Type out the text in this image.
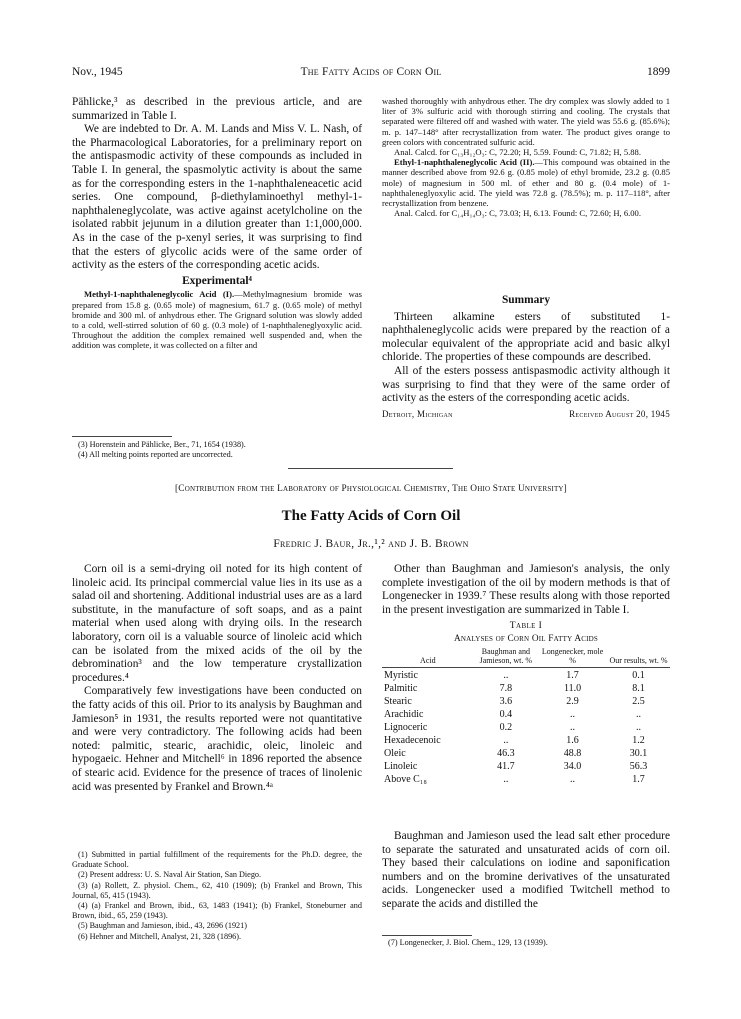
Nov., 1945	The Fatty Acids of Corn Oil	1899

Pählicke,³ as described in the previous article, and are summarized in Table I.

We are indebted to Dr. A. M. Lands and Miss V. L. Nash, of the Pharmacological Laboratories, for a preliminary report on the antispasmodic activity of these compounds as included in Table I. In general, the spasmolytic activity is about the same as for the corresponding esters in the 1-naphthaleneacetic acid series. One compound, β-diethylaminoethyl methyl-1-naphthaleneglycolate, was active against acetylcholine on the isolated rabbit jejunum in a dilution greater than 1:1,000,000. As in the case of the p-xenyl series, it was surprising to find that the esters of glycolic acids were of the same order of activity as the esters of the corresponding acetic acids.

Experimental⁴

Methyl-1-naphthaleneglycolic Acid (I).—Methylmagnesium bromide was prepared from 15.8 g. (0.65 mole) of magnesium, 61.7 g. (0.65 mole) of methyl bromide and 300 ml. of anhydrous ether. The Grignard solution was slowly added to a cold, well-stirred solution of 60 g. (0.3 mole) of 1-naphthaleneglyoxylic acid. Throughout the addition the complex remained well suspended and, when the addition was complete, it was collected on a filter and

(3) Horenstein and Pählicke, Ber., 71, 1654 (1938).

(4) All melting points reported are uncorrected.

washed thoroughly with anhydrous ether. The dry complex was slowly added to 1 liter of 3% sulfuric acid with thorough stirring and cooling. The crystals that separated were filtered off and washed with water. The yield was 55.6 g. (85.6%); m. p. 147–148° after recrystallization from water. The product gives orange to green colors with concentrated sulfuric acid.

Anal. Calcd. for C₁₃H₁₂O₃: C, 72.20; H, 5.59. Found: C, 71.82; H, 5.88.

Ethyl-1-naphthaleneglycolic Acid (II).—This compound was obtained in the manner described above from 92.6 g. (0.85 mole) of ethyl bromide, 23.2 g. (0.85 mole) of magnesium in 500 ml. of ether and 80 g. (0.4 mole) of 1-naphthaleneglyoxylic acid. The yield was 72.8 g. (78.5%); m. p. 117–118°, after recrystallization from benzene.

Anal. Calcd. for C₁₄H₁₄O₃: C, 73.03; H, 6.13. Found: C, 72.60; H, 6.00.

Summary

Thirteen alkamine esters of substituted 1-naphthaleneglycolic acids were prepared by the reaction of a molecular equivalent of the appropriate acid and basic alkyl chloride. The properties of these compounds are described.

All of the esters possess antispasmodic activity although it was surprising to find that they were of the same order of activity as the esters of the corresponding acetic acids.

Detroit, Michigan	Received August 20, 1945
[Contribution from the Laboratory of Physiological Chemistry, The Ohio State University]
The Fatty Acids of Corn Oil
Fredric J. Baur, Jr.,¹,² and J. B. Brown

Corn oil is a semi-drying oil noted for its high content of linoleic acid. Its principal commercial value lies in its use as a salad oil and shortening. Additional industrial uses are as a lard substitute, in the manufacture of soft soaps, and as a paint material when used along with drying oils. In the research laboratory, corn oil is a valuable source of linoleic acid which can be isolated from the mixed acids of the oil by the debromination³ and the low temperature crystallization procedures.⁴

Comparatively few investigations have been conducted on the fatty acids of this oil. Prior to its analysis by Baughman and Jamieson⁵ in 1931, the results reported were not quantitative and were very contradictory. The following acids had been noted: palmitic, stearic, arachidic, oleic, linoleic and hypogaeic. Hehner and Mitchell⁶ in 1896 reported the absence of stearic acid. Evidence for the presence of traces of linolenic acid was presented by Frankel and Brown.⁴ᵃ

(1) Submitted in partial fulfillment of the requirements for the Ph.D. degree, the Graduate School.

(2) Present address: U. S. Naval Air Station, San Diego.

(3) (a) Rollett, Z. physiol. Chem., 62, 410 (1909); (b) Frankel and Brown, This Journal, 65, 415 (1943).

(4) (a) Frankel and Brown, ibid., 63, 1483 (1941); (b) Frankel, Stoneburner and Brown, ibid., 65, 259 (1943).

(5) Baughman and Jamieson, ibid., 43, 2696 (1921)

(6) Hehner and Mitchell, Analyst, 21, 328 (1896).

Other than Baughman and Jamieson's analysis, the only complete investigation of the oil by modern methods is that of Longenecker in 1939.⁷ These results along with those reported in the present investigation are summarized in Table I.

Table I
Analyses of Corn Oil Fatty Acids
Acid	Baughman and Jamieson, wt. %	Longenecker, mole %	Our results, wt. %

Myristic	..	1.7	0.1
Palmitic	7.8	11.0	8.1
Stearic	3.6	2.9	2.5
Arachidic	0.4	..	..
Lignoceric	0.2	..	..
Hexadecenoic	..	1.6	1.2
Oleic	46.3	48.8	30.1
Linoleic	41.7	34.0	56.3
Above C₁₈	..	..	1.7

Baughman and Jamieson used the lead salt ether procedure to separate the saturated and unsaturated acids of corn oil. They based their calculations on iodine and saponification numbers and on the bromine derivatives of the unsaturated acids. Longenecker used a modified Twitchell method to separate the acids and distilled the

(7) Longenecker, J. Biol. Chem., 129, 13 (1939).
